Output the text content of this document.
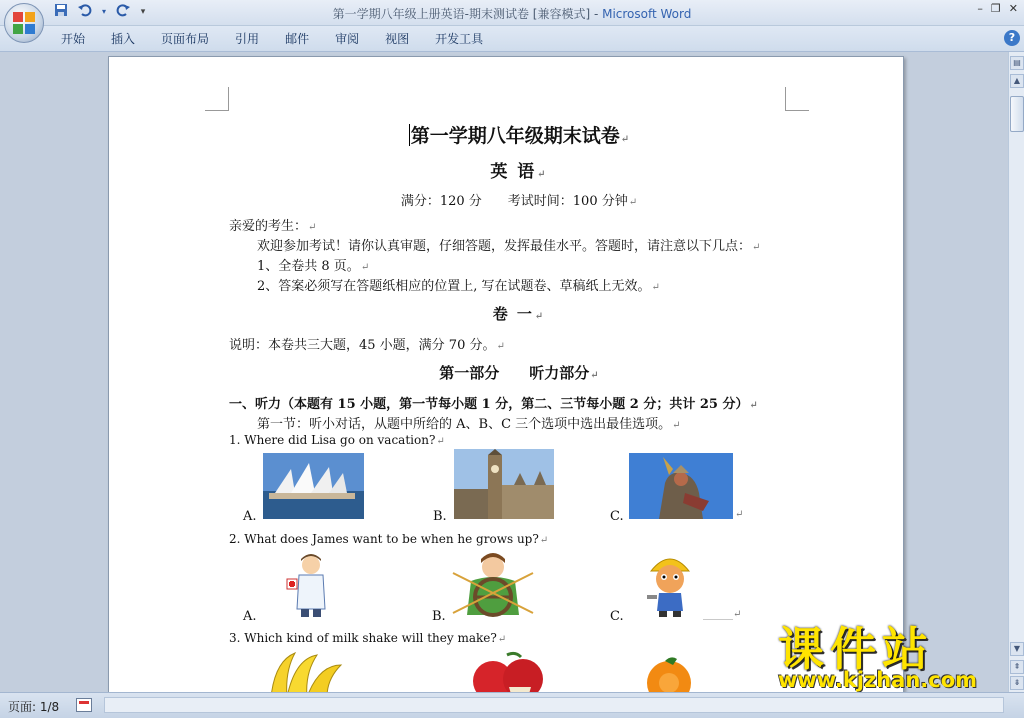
▾	▾	第一学期八年级上册英语-期末测试卷 [兼容模式] - Microsoft Word	– ❐ ✕
开始	插入	页面布局	引用	邮件	审阅	视图	开发工具	?
第一学期八年级期末试卷↵
英 语↵
满分：120 分　　考试时间：100 分钟↵
亲爱的考生：↵
欢迎参加考试！请你认真审题，仔细答题，发挥最佳水平。答题时，请注意以下几点：↵
1、全卷共 8 页。↵
2、答案必须写在答题纸相应的位置上, 写在试题卷、草稿纸上无效。↵
卷 一↵
说明：本卷共三大题，45 小题，满分 70 分。↵
第一部分　　听力部分↵
一、听力（本题有 15 小题，第一节每小题 1 分，第二、三节每小题 2 分；共计 25 分）↵
第一节：听小对话，从题中所给的 A、B、C 三个选项中选出最佳选项。↵
1. Where did Lisa go on vacation?↵
A.	B.	C.	↵
2. What does James want to be when he grows up?↵
A.	B.	C.	______↵
3. Which kind of milk shake will they make?↵
▤
▲
▼
⇞
⇟
课件站
www.kjzhan.com
页面: 1/8
